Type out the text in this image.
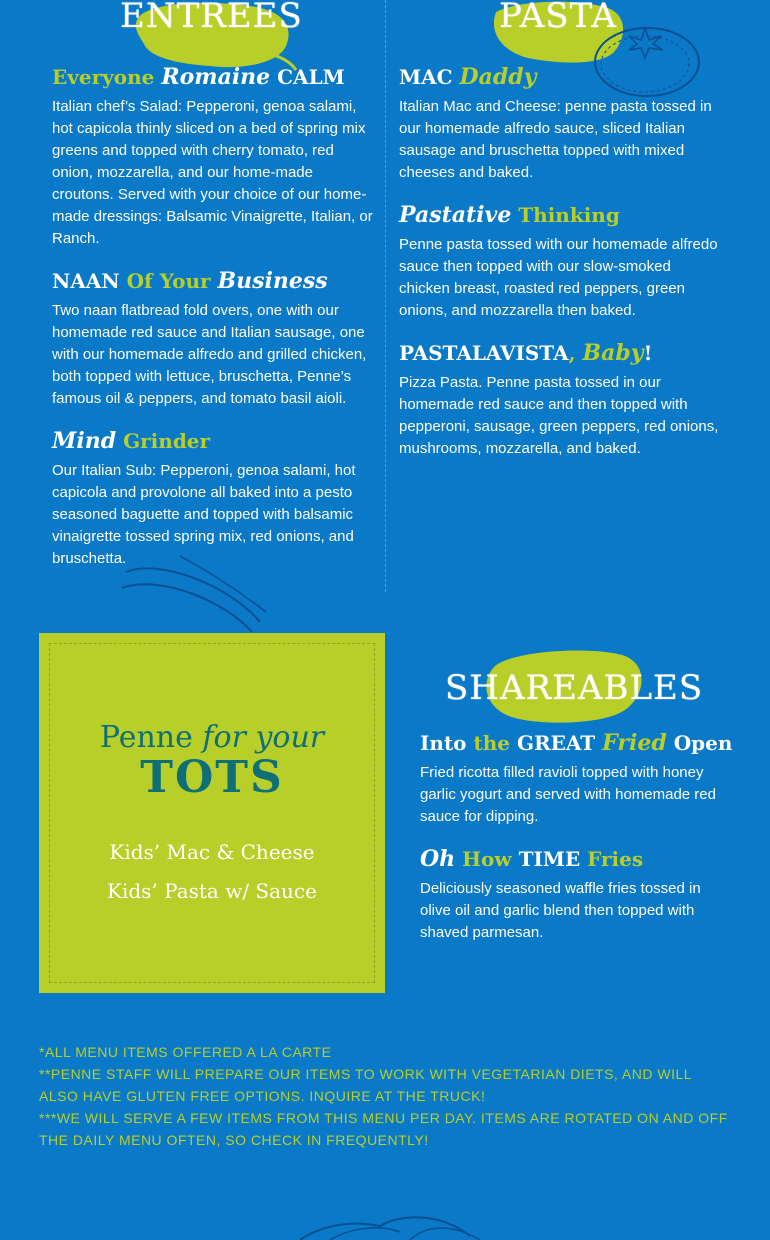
ENTREES	PASTA
Everyone Romaine CALM

Italian chef’s Salad: Pepperoni, genoa salami, hot capicola thinly sliced on a bed of spring mix greens and topped with cherry tomato, red onion, mozzarella, and our home-made croutons. Served with your choice of our home-made dressings: Balsamic Vinaigrette, Italian, or Ranch.

NAAN Of Your Business

Two naan flatbread fold overs, one with our homemade red sauce and Italian sausage, one with our homemade alfredo and grilled chicken, both topped with lettuce, bruschetta, Penne’s famous oil & peppers, and tomato basil aioli.

Mind Grinder

Our Italian Sub: Pepperoni, genoa salami, hot capicola and provolone all baked into a pesto seasoned baguette and topped with balsamic vinaigrette tossed spring mix, red onions, and bruschetta.

MAC Daddy

Italian Mac and Cheese: penne pasta tossed in our homemade alfredo sauce, sliced Italian sausage and bruschetta topped with mixed cheeses and baked.

Pastative Thinking

Penne pasta tossed with our homemade alfredo sauce then topped with our slow-smoked chicken breast, roasted red peppers, green onions, and mozzarella then baked.

PASTALAVISTA, Baby!

Pizza Pasta. Penne pasta tossed in our homemade red sauce and then topped with pepperoni, sausage, green peppers, red onions, mushrooms, mozzarella, and baked.

Penne for your
TOTS
Kids’ Mac & Cheese
Kids’ Pasta w/ Sauce
SHAREABLES
Into the GREAT Fried Open

Fried ricotta filled ravioli topped with honey garlic yogurt and served with homemade red sauce for dipping.

Oh How TIME Fries

Deliciously seasoned waffle fries tossed in olive oil and garlic blend then topped with shaved parmesan.

*ALL MENU ITEMS OFFERED A LA CARTE

**PENNE STAFF WILL PREPARE OUR ITEMS TO WORK WITH VEGETARIAN DIETS, AND WILL ALSO HAVE GLUTEN FREE OPTIONS. INQUIRE AT THE TRUCK!

***WE WILL SERVE A FEW ITEMS FROM THIS MENU PER DAY. ITEMS ARE ROTATED ON AND OFF THE DAILY MENU OFTEN, SO CHECK IN FREQUENTLY!
